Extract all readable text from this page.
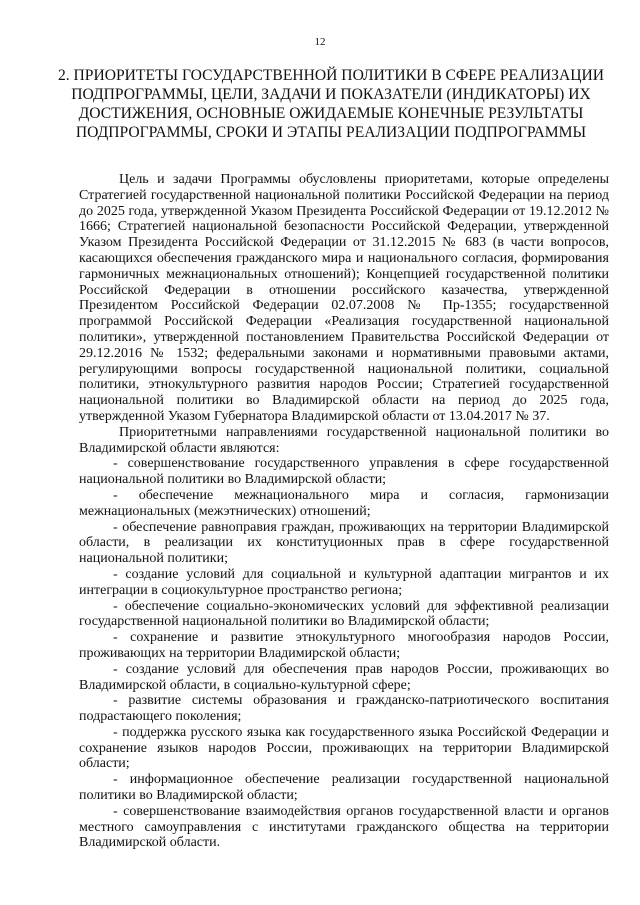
12
2. ПРИОРИТЕТЫ ГОСУДАРСТВЕННОЙ ПОЛИТИКИ В СФЕРЕ РЕАЛИЗАЦИИ
ПОДПРОГРАММЫ, ЦЕЛИ, ЗАДАЧИ И ПОКАЗАТЕЛИ (ИНДИКАТОРЫ) ИХ
ДОСТИЖЕНИЯ, ОСНОВНЫЕ ОЖИДАЕМЫЕ КОНЕЧНЫЕ РЕЗУЛЬТАТЫ
ПОДПРОГРАММЫ, СРОКИ И ЭТАПЫ РЕАЛИЗАЦИИ ПОДПРОГРАММЫ

Цель и задачи Программы обусловлены приоритетами, которые определены Стратегией государственной национальной политики Российской Федерации на период до 2025 года, утвержденной Указом Президента Российской Федерации от 19.12.2012 № 1666; Стратегией национальной безопасности Российской Федерации, утвержденной Указом Президента Российской Федерации от 31.12.2015 № 683 (в части вопросов, касающихся обеспечения гражданского мира и национального согласия, формирования гармоничных межнациональных отношений); Концепцией государственной политики Российской Федерации в отношении российского казачества, утвержденной Президентом Российской Федерации 02.07.2008 № Пр-1355; государственной программой Российской Федерации «Реализация государственной национальной политики», утвержденной постановлением Правительства Российской Федерации от 29.12.2016 № 1532; федеральными законами и нормативными правовыми актами, регулирующими вопросы государственной национальной политики, социальной политики, этнокультурного развития народов России; Стратегией государственной национальной политики во Владимирской области на период до 2025 года, утвержденной Указом Губернатора Владимирской области от 13.04.2017 № 37.

Приоритетными направлениями государственной национальной политики во Владимирской области являются:

- совершенствование государственного управления в сфере государственной национальной политики во Владимирской области;
- обеспечение межнационального мира и согласия, гармонизации межнациональных (межэтнических) отношений;
- обеспечение равноправия граждан, проживающих на территории Владимирской области, в реализации их конституционных прав в сфере государственной национальной политики;
- создание условий для социальной и культурной адаптации мигрантов и их интеграции в социокультурное пространство региона;
- обеспечение социально-экономических условий для эффективной реализации государственной национальной политики во Владимирской области;
- сохранение и развитие этнокультурного многообразия народов России, проживающих на территории Владимирской области;
- создание условий для обеспечения прав народов России, проживающих во Владимирской области, в социально-культурной сфере;
- развитие системы образования и гражданско-патриотического воспитания подрастающего поколения;
- поддержка русского языка как государственного языка Российской Федерации и сохранение языков народов России, проживающих на территории Владимирской области;
- информационное обеспечение реализации государственной национальной политики во Владимирской области;
- совершенствование взаимодействия органов государственной власти и органов местного самоуправления с институтами гражданского общества на территории Владимирской области.
